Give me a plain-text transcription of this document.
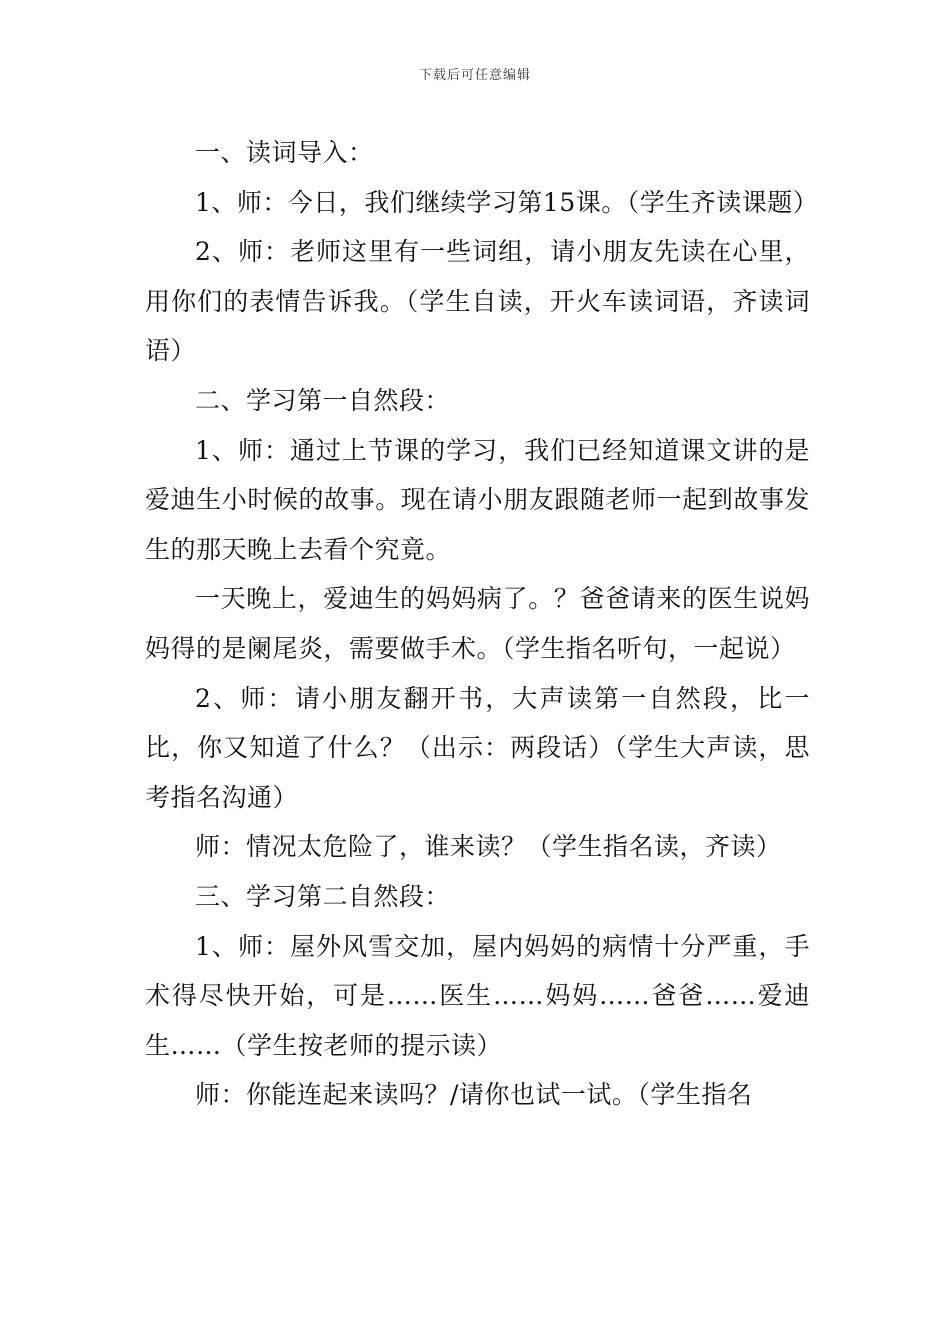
下载后可任意编辑

一、读词导入：

1、师：今日，我们继续学习第15课。（学生齐读课题）

2、师：老师这里有一些词组，请小朋友先读在心里，用你们的表情告诉我。（学生自读，开火车读词语，齐读词语）

二、学习第一自然段：

1、师：通过上节课的学习，我们已经知道课文讲的是爱迪生小时候的故事。现在请小朋友跟随老师一起到故事发生的那天晚上去看个究竟。

一天晚上，爱迪生的妈妈病了。？爸爸请来的医生说妈妈得的是阑尾炎，需要做手术。（学生指名听句，一起说）

2、师：请小朋友翻开书，大声读第一自然段，比一比，你又知道了什么？（出示：两段话）（学生大声读，思考指名沟通）

师：情况太危险了，谁来读？（学生指名读，齐读）

三、学习第二自然段：

1、师：屋外风雪交加，屋内妈妈的病情十分严重，手术得尽快开始，可是……医生……妈妈……爸爸……爱迪生……（学生按老师的提示读）

师：你能连起来读吗？/请你也试一试。（学生指名
